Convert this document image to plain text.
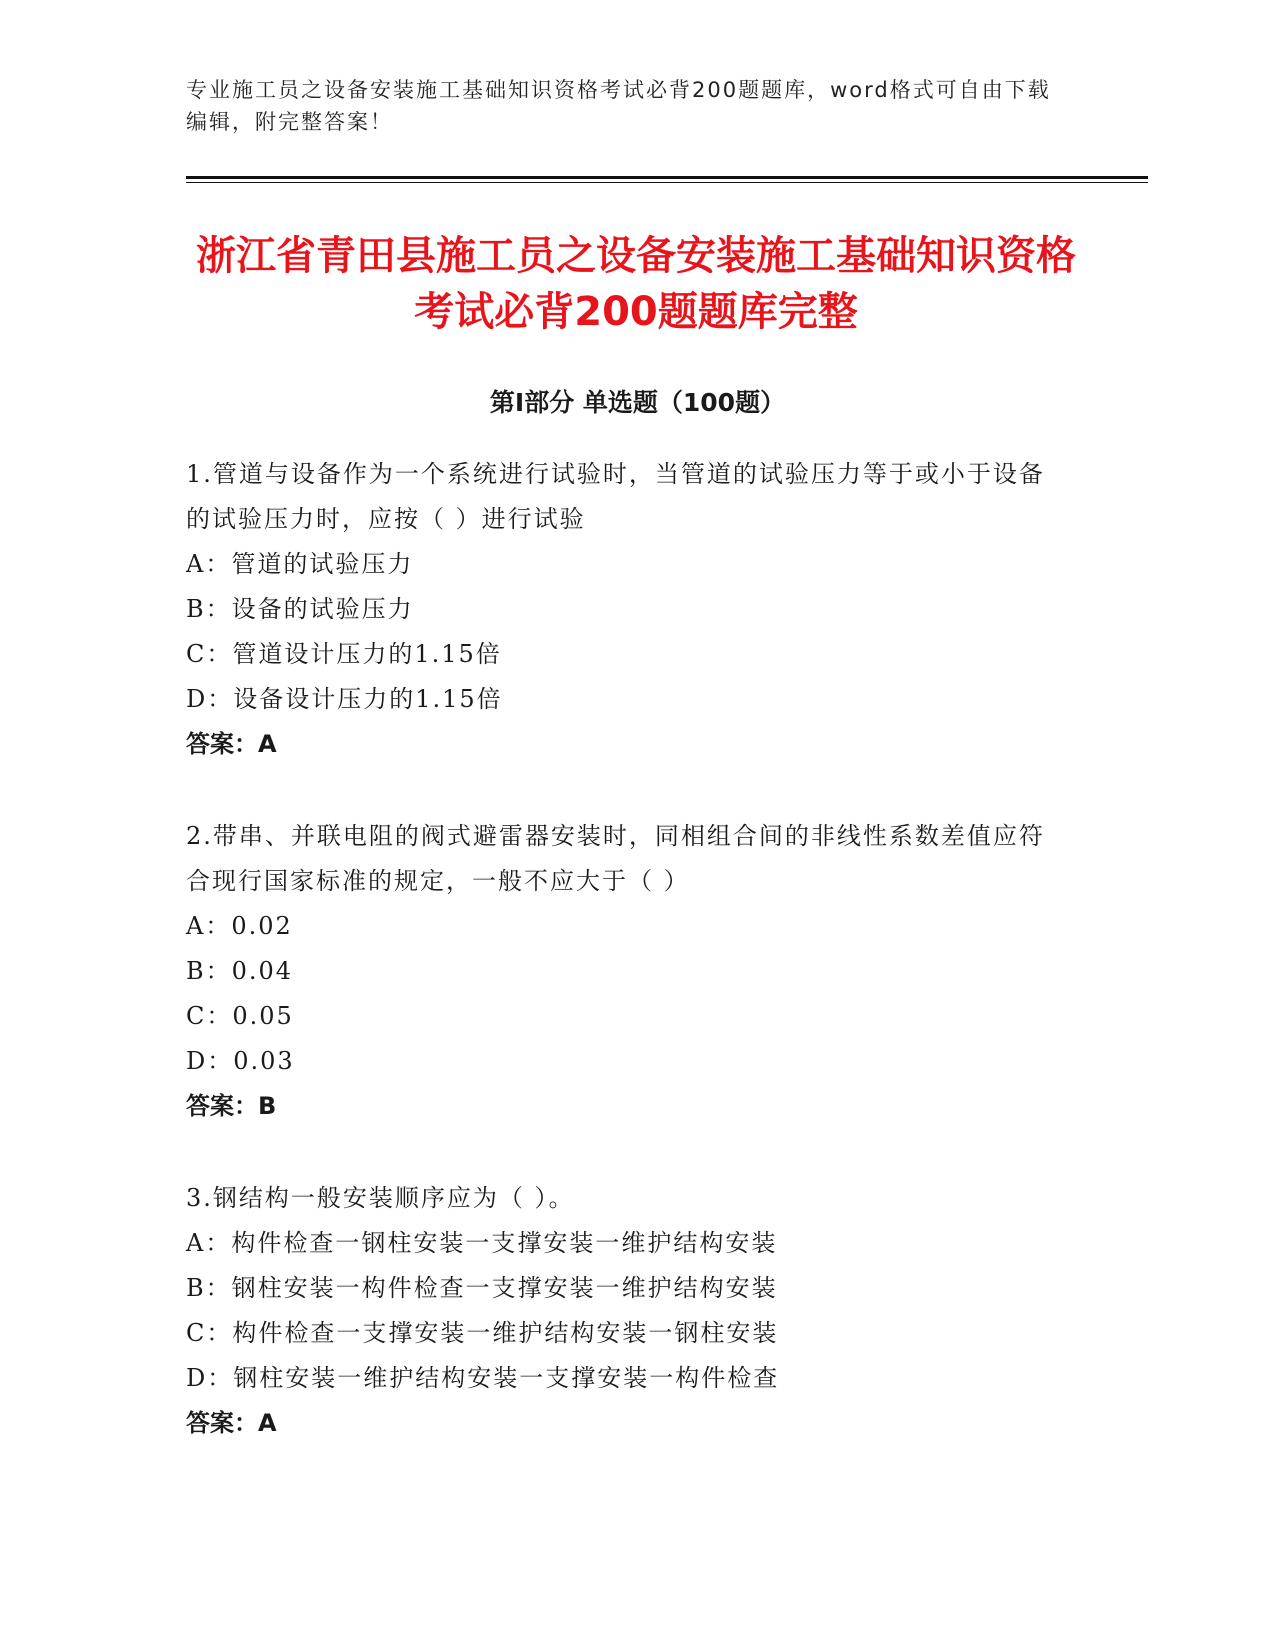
专业施工员之设备安装施工基础知识资格考试必背200题题库，word格式可自由下载编辑，附完整答案！
浙江省青田县施工员之设备安装施工基础知识资格考试必背200题题库完整
第I部分 单选题（100题）

1.管道与设备作为一个系统进行试验时，当管道的试验压力等于或小于设备的试验压力时，应按（ ）进行试验

A：管道的试验压力

B：设备的试验压力

C：管道设计压力的1.15倍

D：设备设计压力的1.15倍

答案：A

2.带串、并联电阻的阀式避雷器安装时，同相组合间的非线性系数差值应符合现行国家标准的规定，一般不应大于（ ）

A：0.02

B：0.04

C：0.05

D：0.03

答案：B

3.钢结构一般安装顺序应为（ ）。

A：构件检查一钢柱安装一支撑安装一维护结构安装

B：钢柱安装一构件检查一支撑安装一维护结构安装

C：构件检查一支撑安装一维护结构安装一钢柱安装

D：钢柱安装一维护结构安装一支撑安装一构件检查

答案：A
